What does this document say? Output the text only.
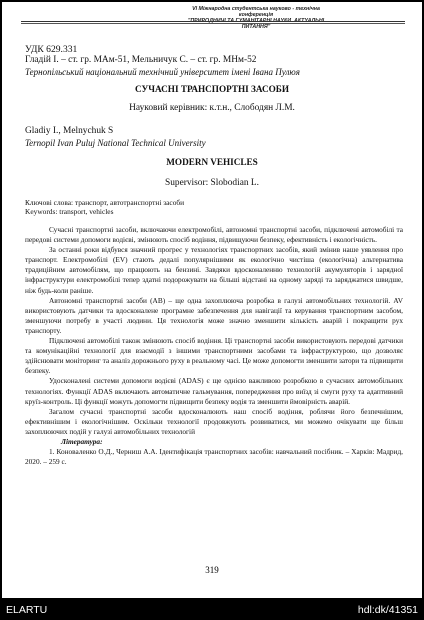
VI Міжнародна студентська науково - технічна конференція
"ПРИРОДНИЧІ ТА ГУМАНІТАРНІ НАУКИ. АКТУАЛЬНІ ПИТАННЯ"
УДК 629.331
Гладій І. – ст. гр. МАм-51, Мельничук С. – ст. гр. МНм-52
Тернопільський національний технічний університет імені Івана Пулюя
СУЧАСНІ ТРАНСПОРТНІ ЗАСОБИ
Науковий керівник: к.т.н., Слободян Л.М.
Gladiy I., Melnychuk S
Ternopil Ivan Puluj National Technical University
MODERN VEHICLES
Supervisor: Slobodian L.
Ключові слова: транспорт, автотранспортні засоби
Keywords: transport, vehicles

Сучасні транспортні засоби, включаючи електромобілі, автономні транспортні засоби, підключені автомобілі та передові системи допомоги водієві, змінюють спосіб водіння, підвищуючи безпеку, ефективність і екологічність.

За останні роки відбувся значний прогрес у технологіях транспортних засобів, який змінив наше уявлення про транспорт. Електромобілі (EV) стають дедалі популярнішими як екологічно чистіша (екологічна) альтернатива традиційним автомобілям, що працюють на бензині. Завдяки вдосконаленню технологій акумуляторів і зарядної інфраструктури електромобілі тепер здатні подорожувати на більші відстані на одному заряді та заряджатися швидше, ніж будь-коли раніше.

Автономні транспортні засоби (АВ) – ще одна захоплююча розробка в галузі автомобільних технологій. AV використовують датчики та вдосконалене програмне забезпечення для навігації та керування транспортним засобом, зменшуючи потребу в участі людини. Ця технологія може значно зменшити кількість аварій і покращити рух транспорту.

Підключені автомобілі також змінюють спосіб водіння. Ці транспортні засоби використовують передові датчики та комунікаційні технології для взаємодії з іншими транспортними засобами та інфраструктурою, що дозволяє здійснювати моніторинг та аналіз дорожнього руху в реальному часі. Це може допомогти зменшити затори та підвищити безпеку.

Удосконалені системи допомоги водієві (ADAS) є ще однією важливою розробкою в сучасних автомобільних технологіях. Функції ADAS включають автоматичне гальмування, попередження про виїзд зі смуги руху та адаптивний круїз-контроль. Ці функції можуть допомогти підвищити безпеку водія та зменшити ймовірність аварій.

Загалом сучасні транспортні засоби вдосконалюють наш спосіб водіння, роблячи його безпечнішим, ефективнішим і екологічнішим. Оскільки технології продовжують розвиватися, ми можемо очікувати ще більш захоплюючих подій у галузі автомобільних технологій

Література:

1. Коноваленко О.Д., Черниш А.А. Ідентифікація транспортних засобів: навчальний посібник. – Харків: Мадрид, 2020. – 259 с.

319
ELARTU	hdl:dk/41351
